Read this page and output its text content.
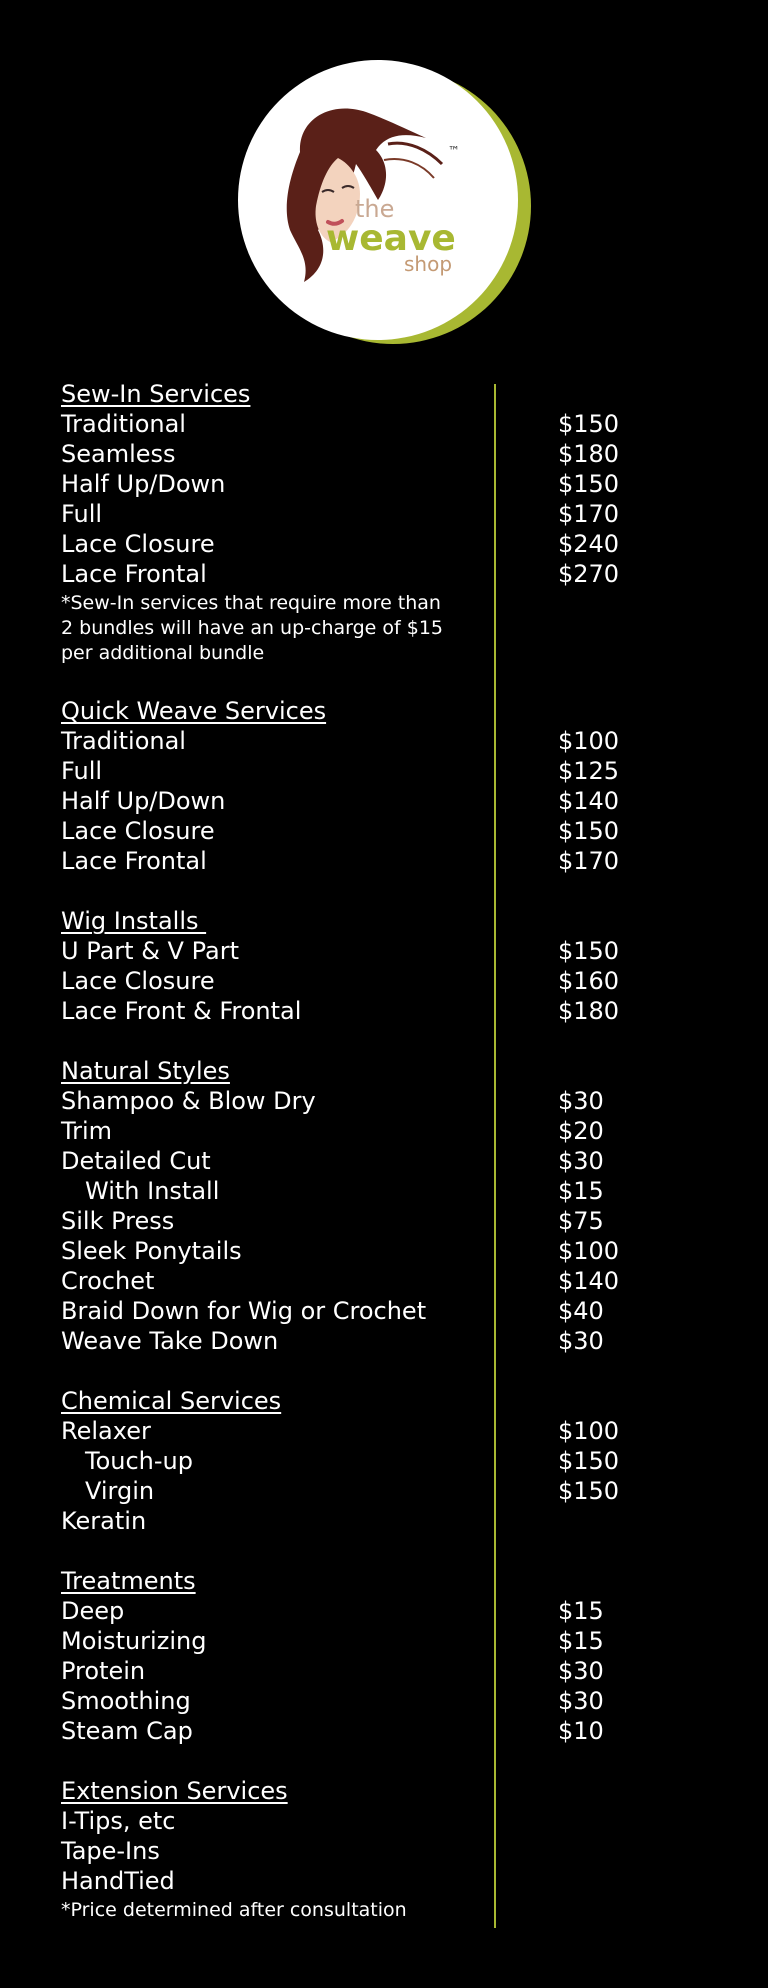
™
the
weave
shop
Sew-In Services
Traditional	$150
Seamless	$180
Half Up/Down	$150
Full	$170
Lace Closure	$240
Lace Frontal	$270
*Sew-In services that require more than 2 bundles will have an up-charge of $15 per additional bundle
Quick Weave Services
Traditional	$100
Full	$125
Half Up/Down	$140
Lace Closure	$150
Lace Frontal	$170
Wig Installs
U Part & V Part	$150
Lace Closure	$160
Lace Front & Frontal	$180
Natural Styles
Shampoo & Blow Dry	$30
Trim	$20
Detailed Cut	$30
With Install	$15
Silk Press	$75
Sleek Ponytails	$100
Crochet	$140
Braid Down for Wig or Crochet	$40
Weave Take Down	$30
Chemical Services
Relaxer	$100
Touch-up	$150
Virgin	$150
Keratin
Treatments
Deep	$15
Moisturizing	$15
Protein	$30
Smoothing	$30
Steam Cap	$10
Extension Services
I-Tips, etc
Tape-Ins
HandTied
*Price determined after consultation
